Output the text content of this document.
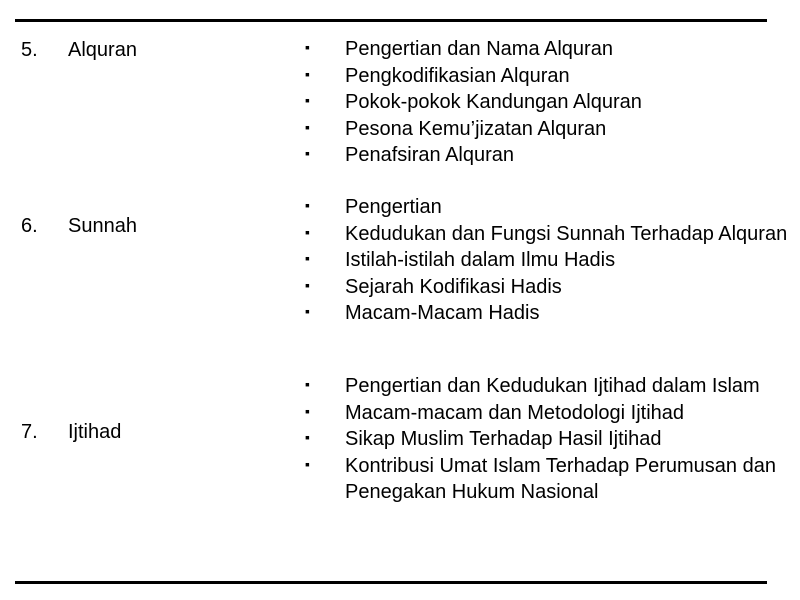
5. Alquran	▪ Pengertian dan Nama Alquran
▪ Pengkodifikasian Alquran
▪ Pokok-pokok Kandungan Alquran
▪ Pesona Kemu’jizatan Alquran
▪ Penafsiran Alquran
6. Sunnah
▪ Pengertian
▪ Kedudukan dan Fungsi Sunnah Terhadap Alquran
▪ Istilah-istilah dalam Ilmu Hadis
▪ Sejarah Kodifikasi Hadis
▪ Macam-Macam Hadis
7. Ijtihad
▪ Pengertian dan Kedudukan Ijtihad dalam Islam
▪ Macam-macam dan Metodologi Ijtihad
▪ Sikap Muslim Terhadap Hasil Ijtihad
▪ Kontribusi Umat Islam Terhadap Perumusan dan Penegakan Hukum Nasional
